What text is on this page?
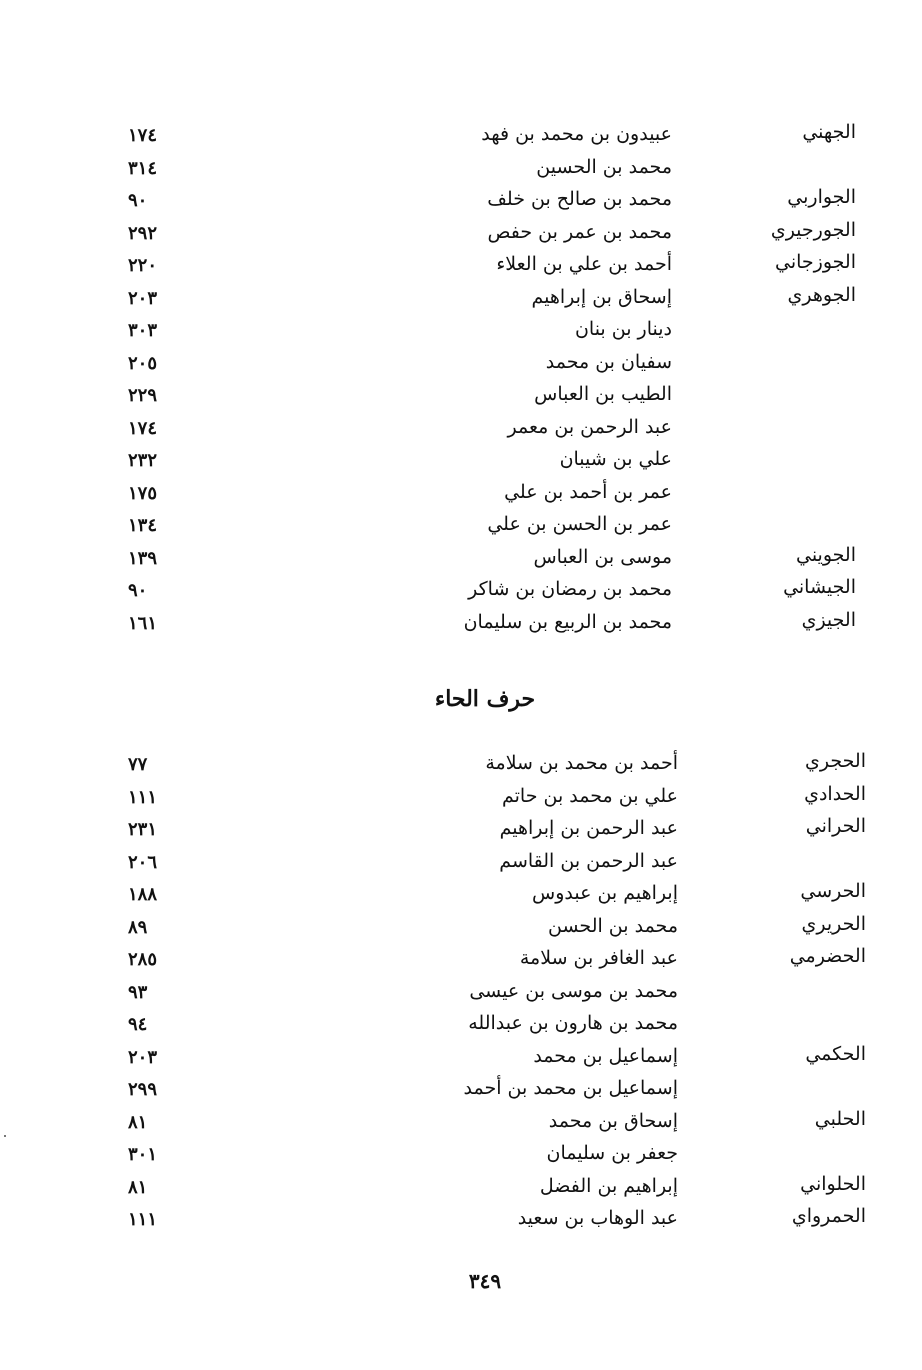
الجهني
عبيدون بن محمد بن فهد
١٧٤
محمد بن الحسين
٣١٤
الجواربي
محمد بن صالح بن خلف
٩٠
الجورجيري
محمد بن عمر بن حفص
٢٩٢
الجوزجاني
أحمد بن علي بن العلاء
٢٢٠
الجوهري
إسحاق بن إبراهيم
٢٠٣
دينار بن بنان
٣٠٣
سفيان بن محمد
٢٠٥
الطيب بن العباس
٢٢٩
عبد الرحمن بن معمر
١٧٤
علي بن شيبان
٢٣٢
عمر بن أحمد بن علي
١٧٥
عمر بن الحسن بن علي
١٣٤
الجويني
موسى بن العباس
١٣٩
الجيشاني
محمد بن رمضان بن شاكر
٩٠
الجيزي
محمد بن الربيع بن سليمان
١٦١
حرف الحاء
الحجري
أحمد بن محمد بن سلامة
٧٧
الحدادي
علي بن محمد بن حاتم
١١١
الحراني
عبد الرحمن بن إبراهيم
٢٣١
عبد الرحمن بن القاسم
٢٠٦
الحرسي
إبراهيم بن عبدوس
١٨٨
الحريري
محمد بن الحسن
٨٩
الحضرمي
عبد الغافر بن سلامة
٢٨٥
محمد بن موسى بن عيسى
٩٣
محمد بن هارون بن عبدالله
٩٤
الحكمي
إسماعيل بن محمد
٢٠٣
إسماعيل بن محمد بن أحمد
٢٩٩
الحلبي
إسحاق بن محمد
٨١
جعفر بن سليمان
٣٠١
الحلواني
إبراهيم بن الفضل
٨١
الحمرواي
عبد الوهاب بن سعيد
١١١
٣٤٩
